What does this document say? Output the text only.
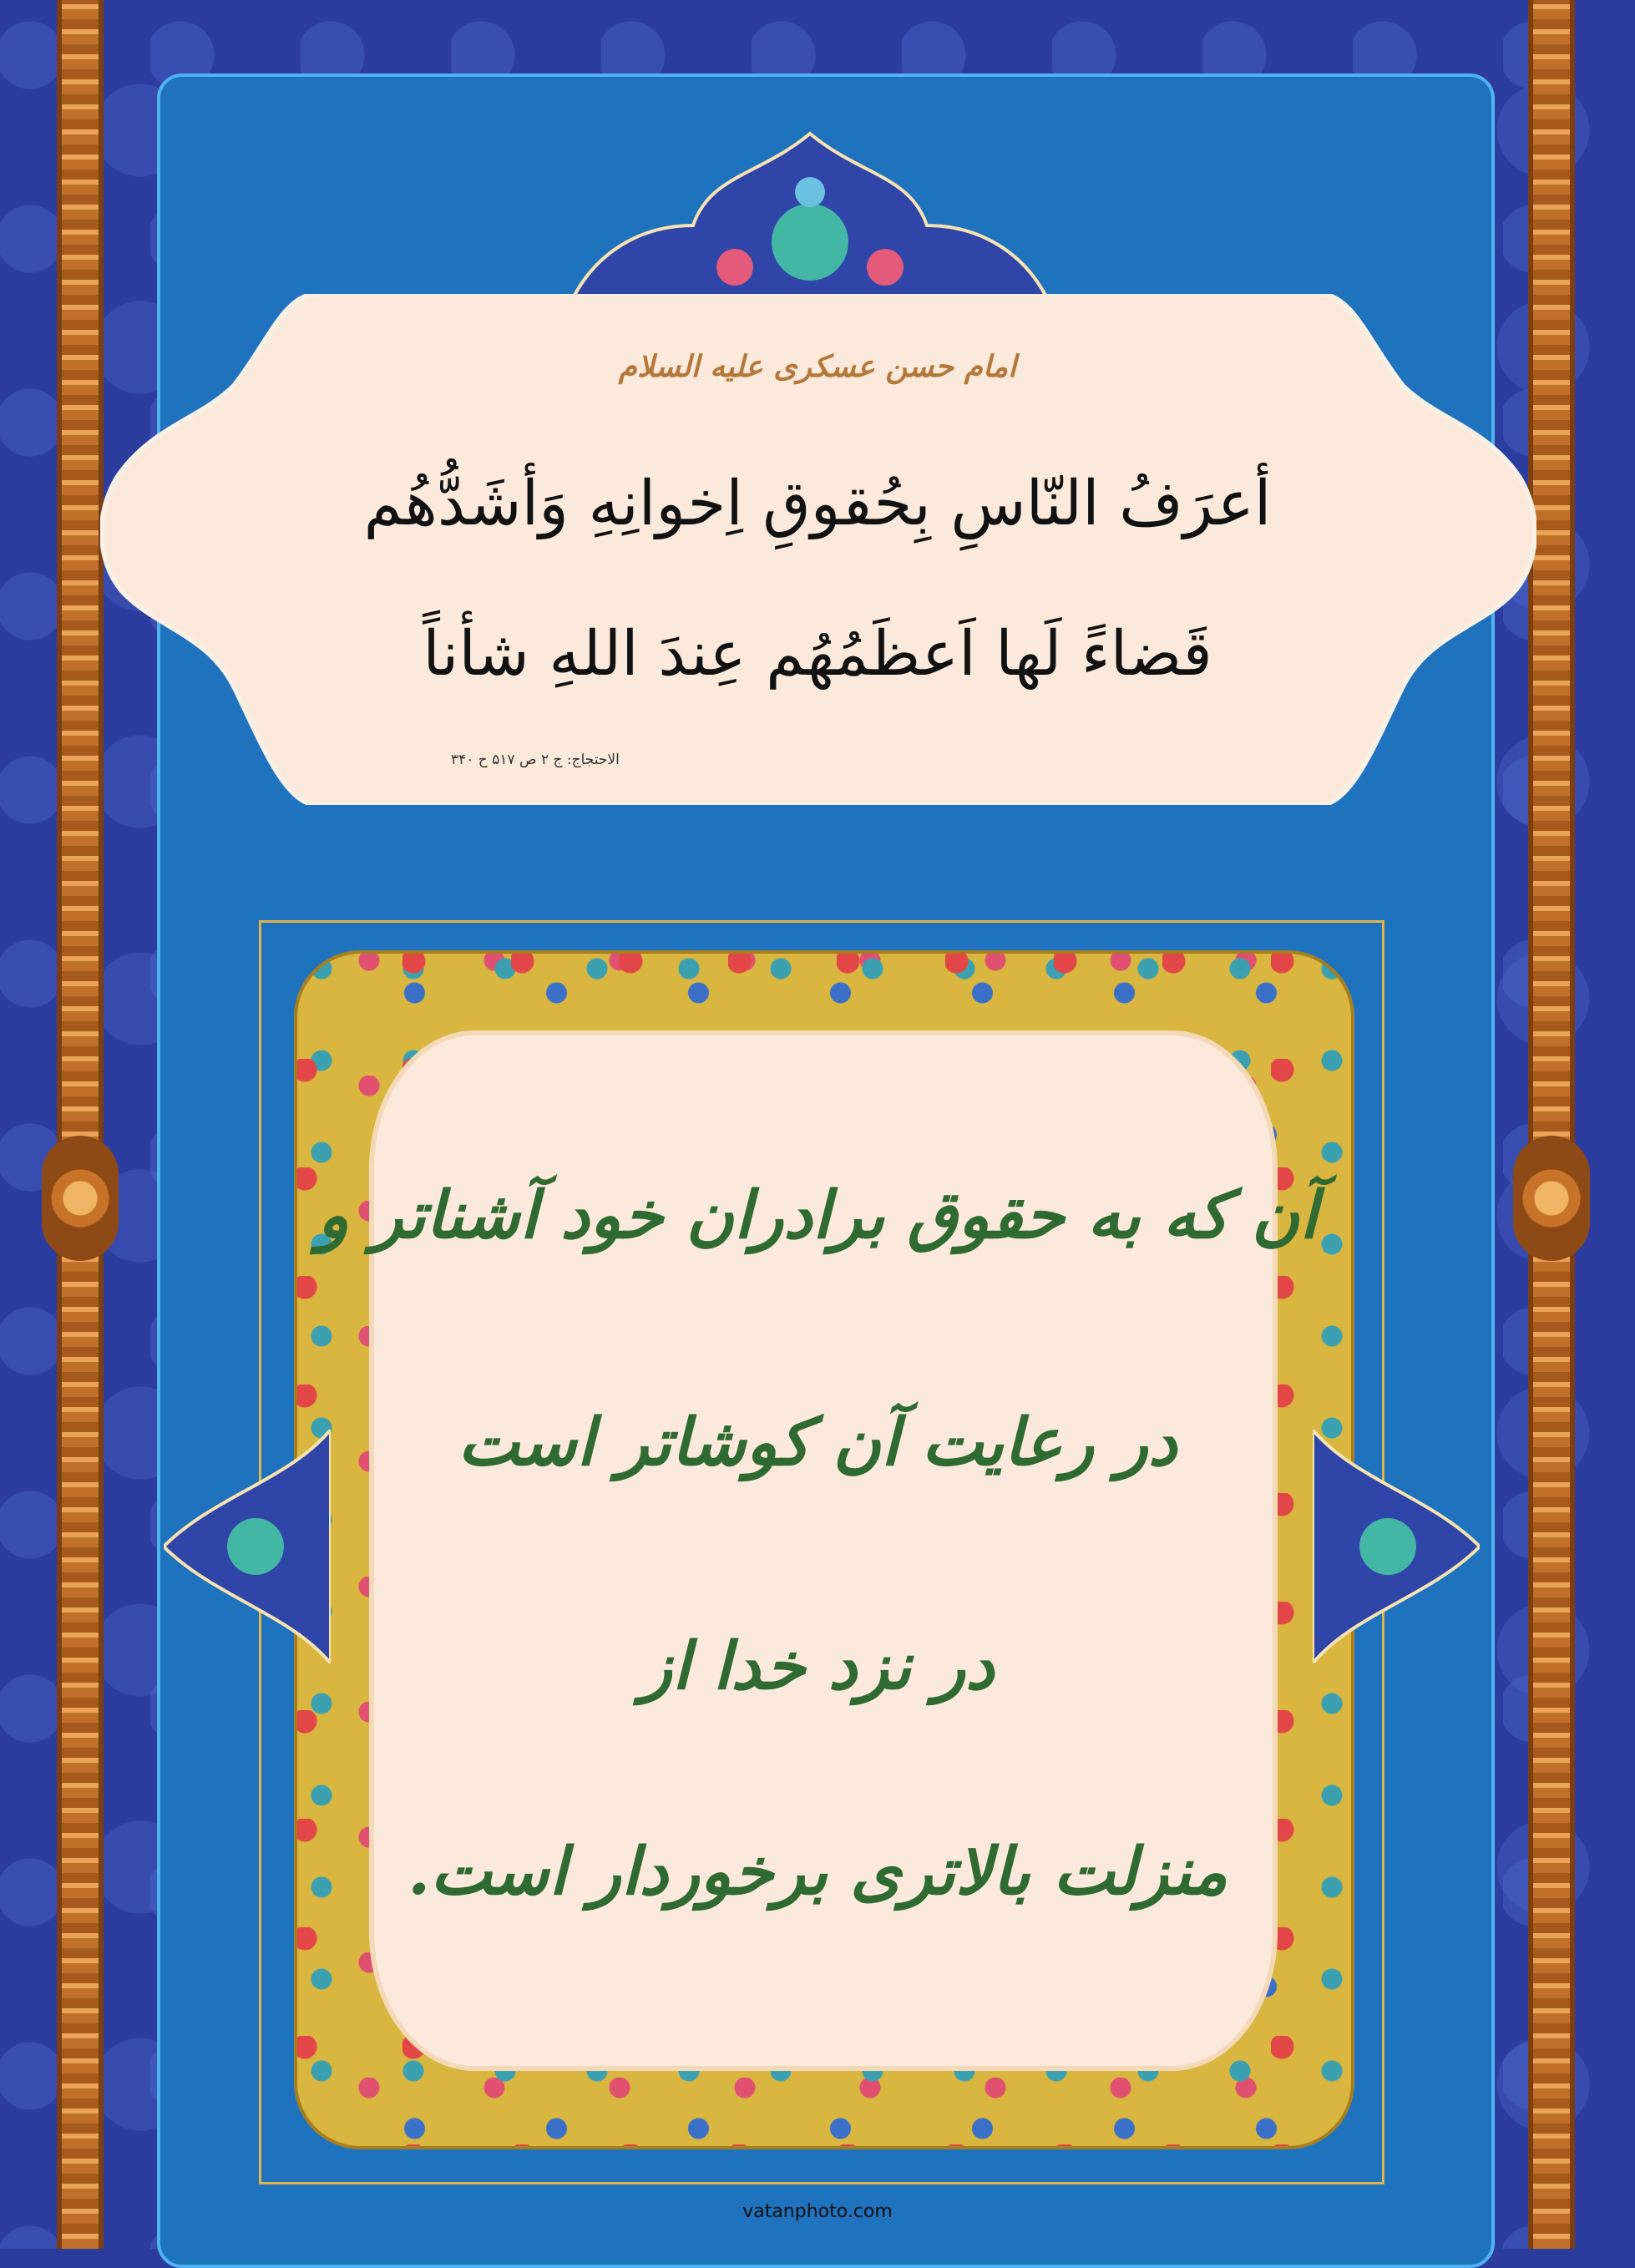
امام حسن عسکری علیه السلام
أعرَفُ النّاسِ بِحُقوقِ اِخوانِهِ وَأشَدُّهُم
قَضاءً لَها اَعظَمُهُم عِندَ اللهِ شأناً
الاحتجاج: ج ۲ ص ۵۱۷ ح ۳۴۰
آن که به حقوق برادران خود آشناتر و
در رعایت آن کوشاتر است
در نزد خدا از
منزلت بالاتری برخوردار است.
vatanphoto.com
